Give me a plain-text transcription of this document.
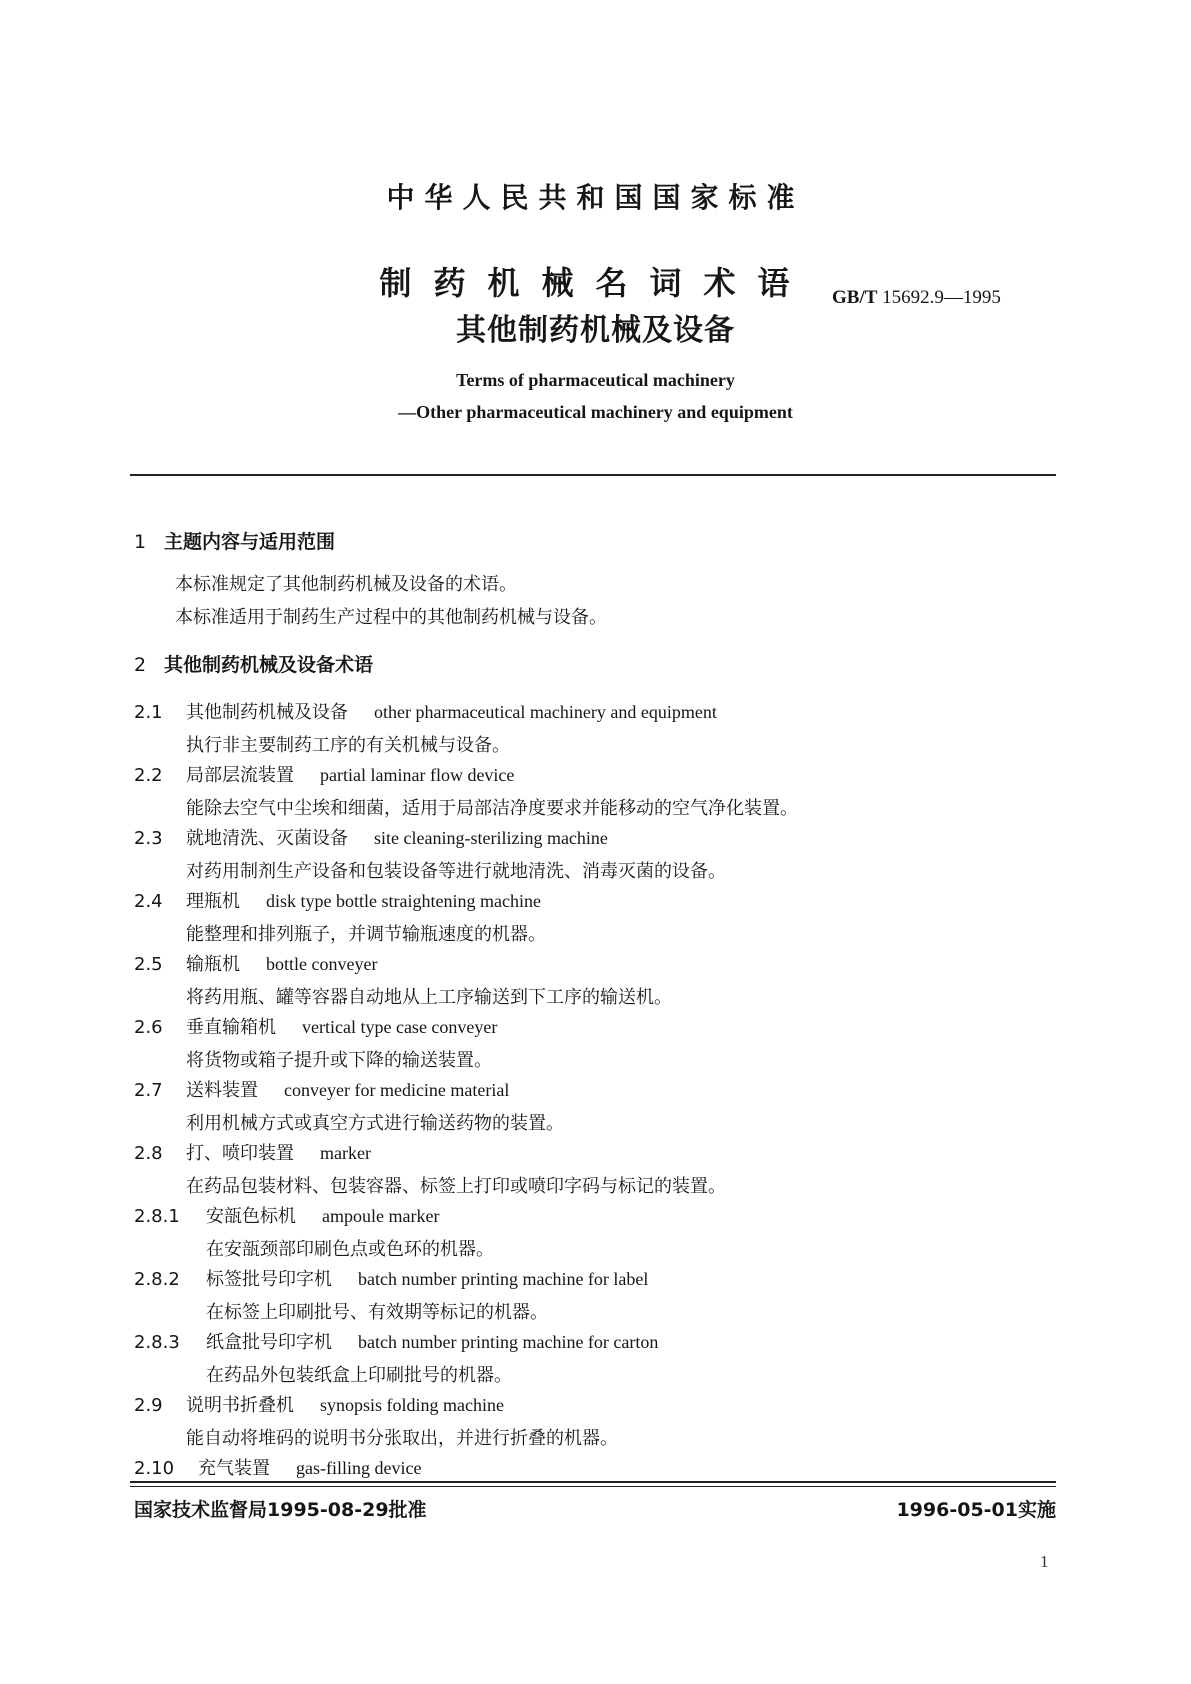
中华人民共和国国家标准
制药机械名词术语
其他制药机械及设备
GB/T 15692.9—1995
Terms of pharmaceutical machinery
—Other pharmaceutical machinery and equipment
1 主题内容与适用范围
本标准规定了其他制药机械及设备的术语。
本标准适用于制药生产过程中的其他制药机械与设备。
2 其他制药机械及设备术语
2.1 其他制药机械及设备 other pharmaceutical machinery and equipment
执行非主要制药工序的有关机械与设备。
2.2 局部层流装置 partial laminar flow device
能除去空气中尘埃和细菌，适用于局部洁净度要求并能移动的空气净化装置。
2.3 就地清洗、灭菌设备 site cleaning-sterilizing machine
对药用制剂生产设备和包装设备等进行就地清洗、消毒灭菌的设备。
2.4 理瓶机 disk type bottle straightening machine
能整理和排列瓶子，并调节输瓶速度的机器。
2.5 输瓶机 bottle conveyer
将药用瓶、罐等容器自动地从上工序输送到下工序的输送机。
2.6 垂直输箱机 vertical type case conveyer
将货物或箱子提升或下降的输送装置。
2.7 送料装置 conveyer for medicine material
利用机械方式或真空方式进行输送药物的装置。
2.8 打、喷印装置 marker
在药品包装材料、包装容器、标签上打印或喷印字码与标记的装置。
2.8.1 安瓿色标机 ampoule marker
在安瓿颈部印刷色点或色环的机器。
2.8.2 标签批号印字机 batch number printing machine for label
在标签上印刷批号、有效期等标记的机器。
2.8.3 纸盒批号印字机 batch number printing machine for carton
在药品外包装纸盒上印刷批号的机器。
2.9 说明书折叠机 synopsis folding machine
能自动将堆码的说明书分张取出，并进行折叠的机器。
2.10 充气装置 gas-filling device
国家技术监督局1995-08-29批准	1996-05-01实施
1
